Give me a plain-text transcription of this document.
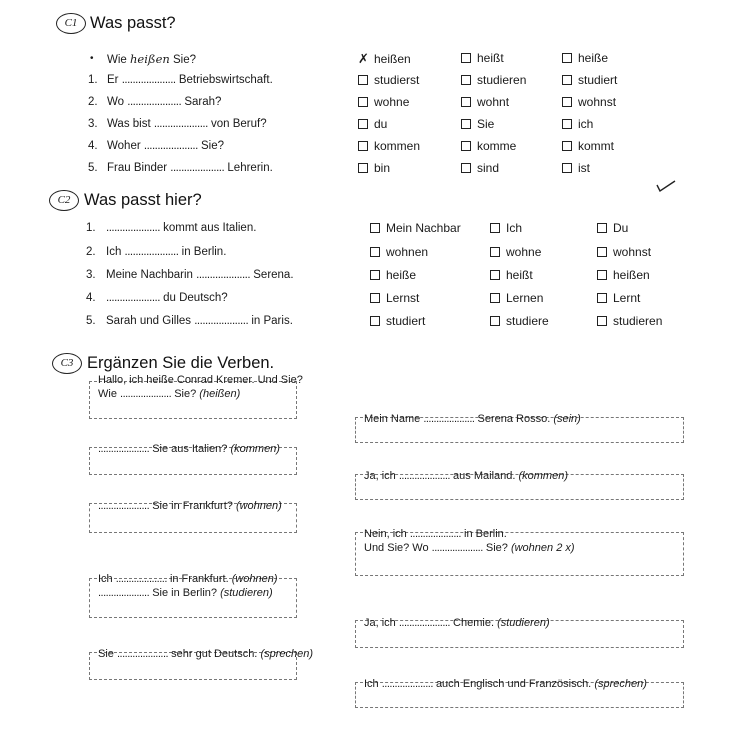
C1 Was passt?
• Wie heißen Sie?	✗ heißen	heißt	heiße
1. Er .................... Betriebswirtschaft.	studierst	studieren	studiert
2. Wo .................... Sarah?	wohne	wohnt	wohnst
3. Was bist .................... von Beruf?	du	Sie	ich
4. Woher .................... Sie?	kommen	komme	kommt
5. Frau Binder .................... Lehrerin.	bin	sind	ist
C2 Was passt hier?
1. .................... kommt aus Italien.	Mein Nachbar	Ich	Du
2. Ich .................... in Berlin.	wohnen	wohne	wohnst
3. Meine Nachbarin .................... Serena.	heiße	heißt	heißen
4. .................... du Deutsch?	Lernst	Lernen	Lernt
5. Sarah und Gilles .................... in Paris.	studiert	studiere	studieren
C3 Ergänzen Sie die Verben.
Hallo, ich heiße Conrad Kremer. Und Sie?
Wie .................... Sie? (heißen)
Mein Name .................... Serena Rosso. (sein)
.................... Sie aus Italien? (kommen)
Ja, ich .................... aus Mailand. (kommen)
.................... Sie in Frankfurt? (wohnen)
Nein, ich .................... in Berlin.
Und Sie? Wo .................... Sie? (wohnen 2 x)
Ich .................... in Frankfurt. (wohnen)
.................... Sie in Berlin? (studieren)
Ja, ich .................... Chemie. (studieren)
Sie .................... sehr gut Deutsch. (sprechen)
Ich .................... auch Englisch und Französisch. (sprechen)
